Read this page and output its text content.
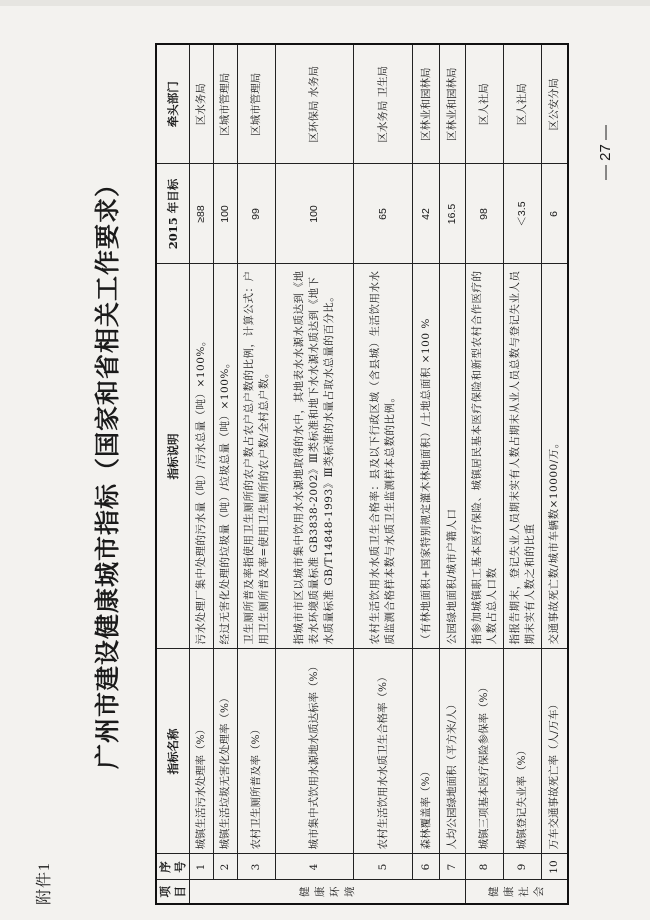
附件1
广州市建设健康城市指标（国家和省相关工作要求）
项目	序号	指标名称	指标说明	2015 年目标	牵头部门
健康环境	1	城镇生活污水处理率（%）	污水处理厂集中处理的污水量（吨）/污水总量（吨）×100%。	≥88	区水务局
	2	城镇生活垃圾无害化处理率（%）	经过无害化处理的垃圾量（吨）/垃圾总量（吨）×100%。	100	区城市管理局
	3	农村卫生厕所普及率（%）	卫生厕所普及率指使用卫生厕所的农户数占农户总户数的比例，计算公式：户用卫生厕所普及率=使用卫生厕所的农户数/全村总户数。	99	区城市管理局
	4	城市集中式饮用水源地水质达标率（%）	指城市市区以城市集中饮用水水源地取得的水中，其地表水水源水质达到《地表水环境质量标准 GB3838-2002》Ⅲ类标准和地下水水源水质达到《地下水质量标准 GB/T14848-1993》Ⅲ类标准的水量占取水总量的百分比。	100	区环保局 水务局
	5	农村生活饮用水水质卫生合格率（%）	农村生活饮用水水质卫生合格率：县及以下行政区域（含县城）生活饮用水水质监测合格样本数与水质卫生监测样本总数的比例。	65	区水务局 卫生局
	6	森林覆盖率（%）	（有林地面积+国家特别规定灌木林地面积）/土地总面积 ×100 %	42	区林业和园林局
	7	人均公园绿地面积（平方米/人）	公园绿地面积/城市户籍人口	16.5	区林业和园林局
健康社会	8	城镇三项基本医疗保险参保率（%）	指参加城镇职工基本医疗保险、城镇居民基本医疗保险和新型农村合作医疗的人数占总人口数	98	区人社局
	9	城镇登记失业率（%）	指报告期末，登记失业人员期末实有人数占期末从业人员总数与登记失业人员期末实有人数之和的比重	＜3.5	区人社局
	10	万车交通事故死亡率（人/万车）	交通事故死亡数/城市车辆数×10000/万。	6	区公安分局
— 27 —
